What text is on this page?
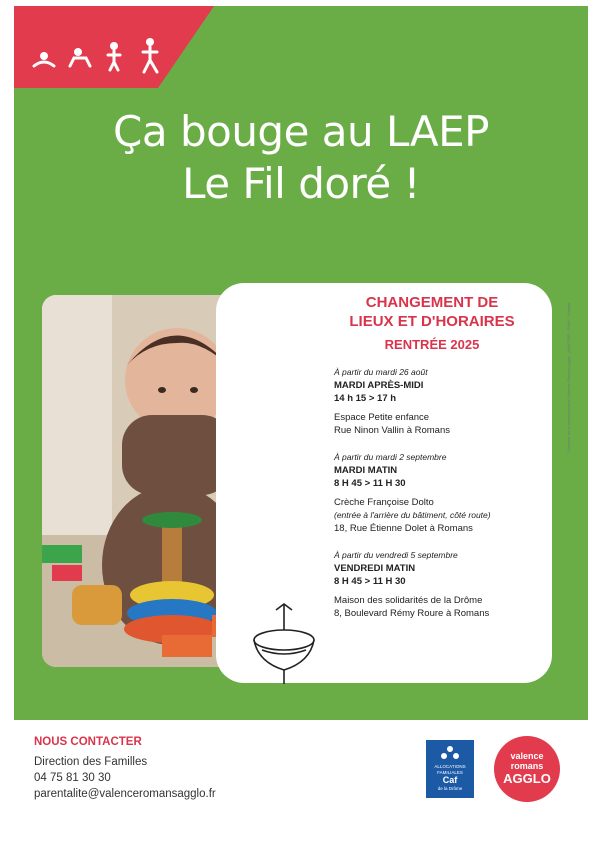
Ça bouge au LAEP
Le Fil doré !
CHANGEMENT DE
LIEUX ET D'HORAIRES
RENTRÉE 2025
À partir du mardi 26 août
MARDI APRÈS-MIDI
14 h 15 > 17 h
Espace Petite enfance
Rue Ninon Vallin à Romans
À partir du mardi 2 septembre
MARDI MATIN
8 H 45 > 11 H 30
Crèche Françoise Dolto
(entrée à l'arrière du bâtiment, côté route)
18, Rue Étienne Dolet à Romans
À partir du vendredi 5 septembre
VENDREDI MATIN
8 H 45 > 11 H 30
Maison des solidarités de la Drôme
8, Boulevard Rémy Roure à Romans
Direction de la communication Valence Romans Agglo - juillet 2025 - Photo : Freepik
NOUS CONTACTER
Direction des Familles
04 75 81 30 30
parentalite@valenceromansagglo.fr
ALLOCATIONS
FAMILIALES
Caf
de la Drôme
valence
romans
AGGLO
